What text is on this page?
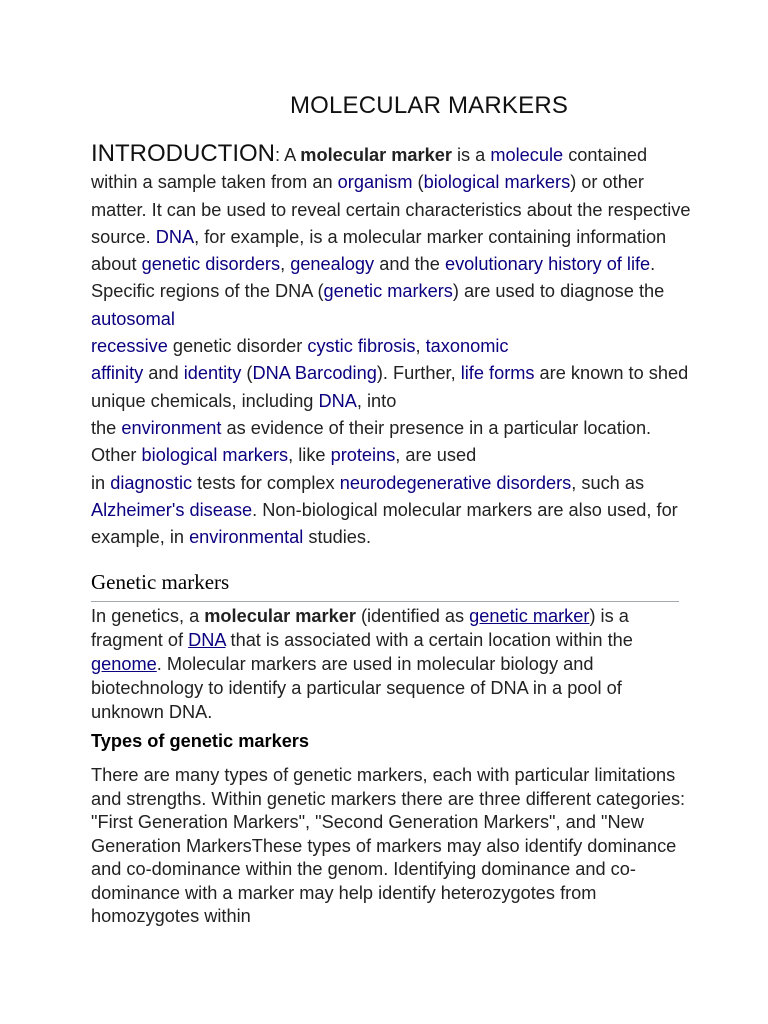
MOLECULAR MARKERS
INTRODUCTION: A molecular marker is a molecule contained within a sample taken from an organism (biological markers) or other matter. It can be used to reveal certain characteristics about the respective source. DNA, for example, is a molecular marker containing information about genetic disorders, genealogy and the evolutionary history of life. Specific regions of the DNA (genetic markers) are used to diagnose the autosomal
recessive genetic disorder cystic fibrosis, taxonomic
affinity and identity (DNA Barcoding). Further, life forms are known to shed unique chemicals, including DNA, into
the environment as evidence of their presence in a particular location. Other biological markers, like proteins, are used
in diagnostic tests for complex neurodegenerative disorders, such as Alzheimer's disease. Non-biological molecular markers are also used, for example, in environmental studies.
Genetic markers
In genetics, a molecular marker (identified as genetic marker) is a fragment of DNA that is associated with a certain location within the genome. Molecular markers are used in molecular biology and biotechnology to identify a particular sequence of DNA in a pool of unknown DNA.
Types of genetic markers
There are many types of genetic markers, each with particular limitations and strengths. Within genetic markers there are three different categories: "First Generation Markers", "Second Generation Markers", and "New Generation MarkersThese types of markers may also identify dominance and co-dominance within the genom. Identifying dominance and co-dominance with a marker may help identify heterozygotes from homozygotes within
